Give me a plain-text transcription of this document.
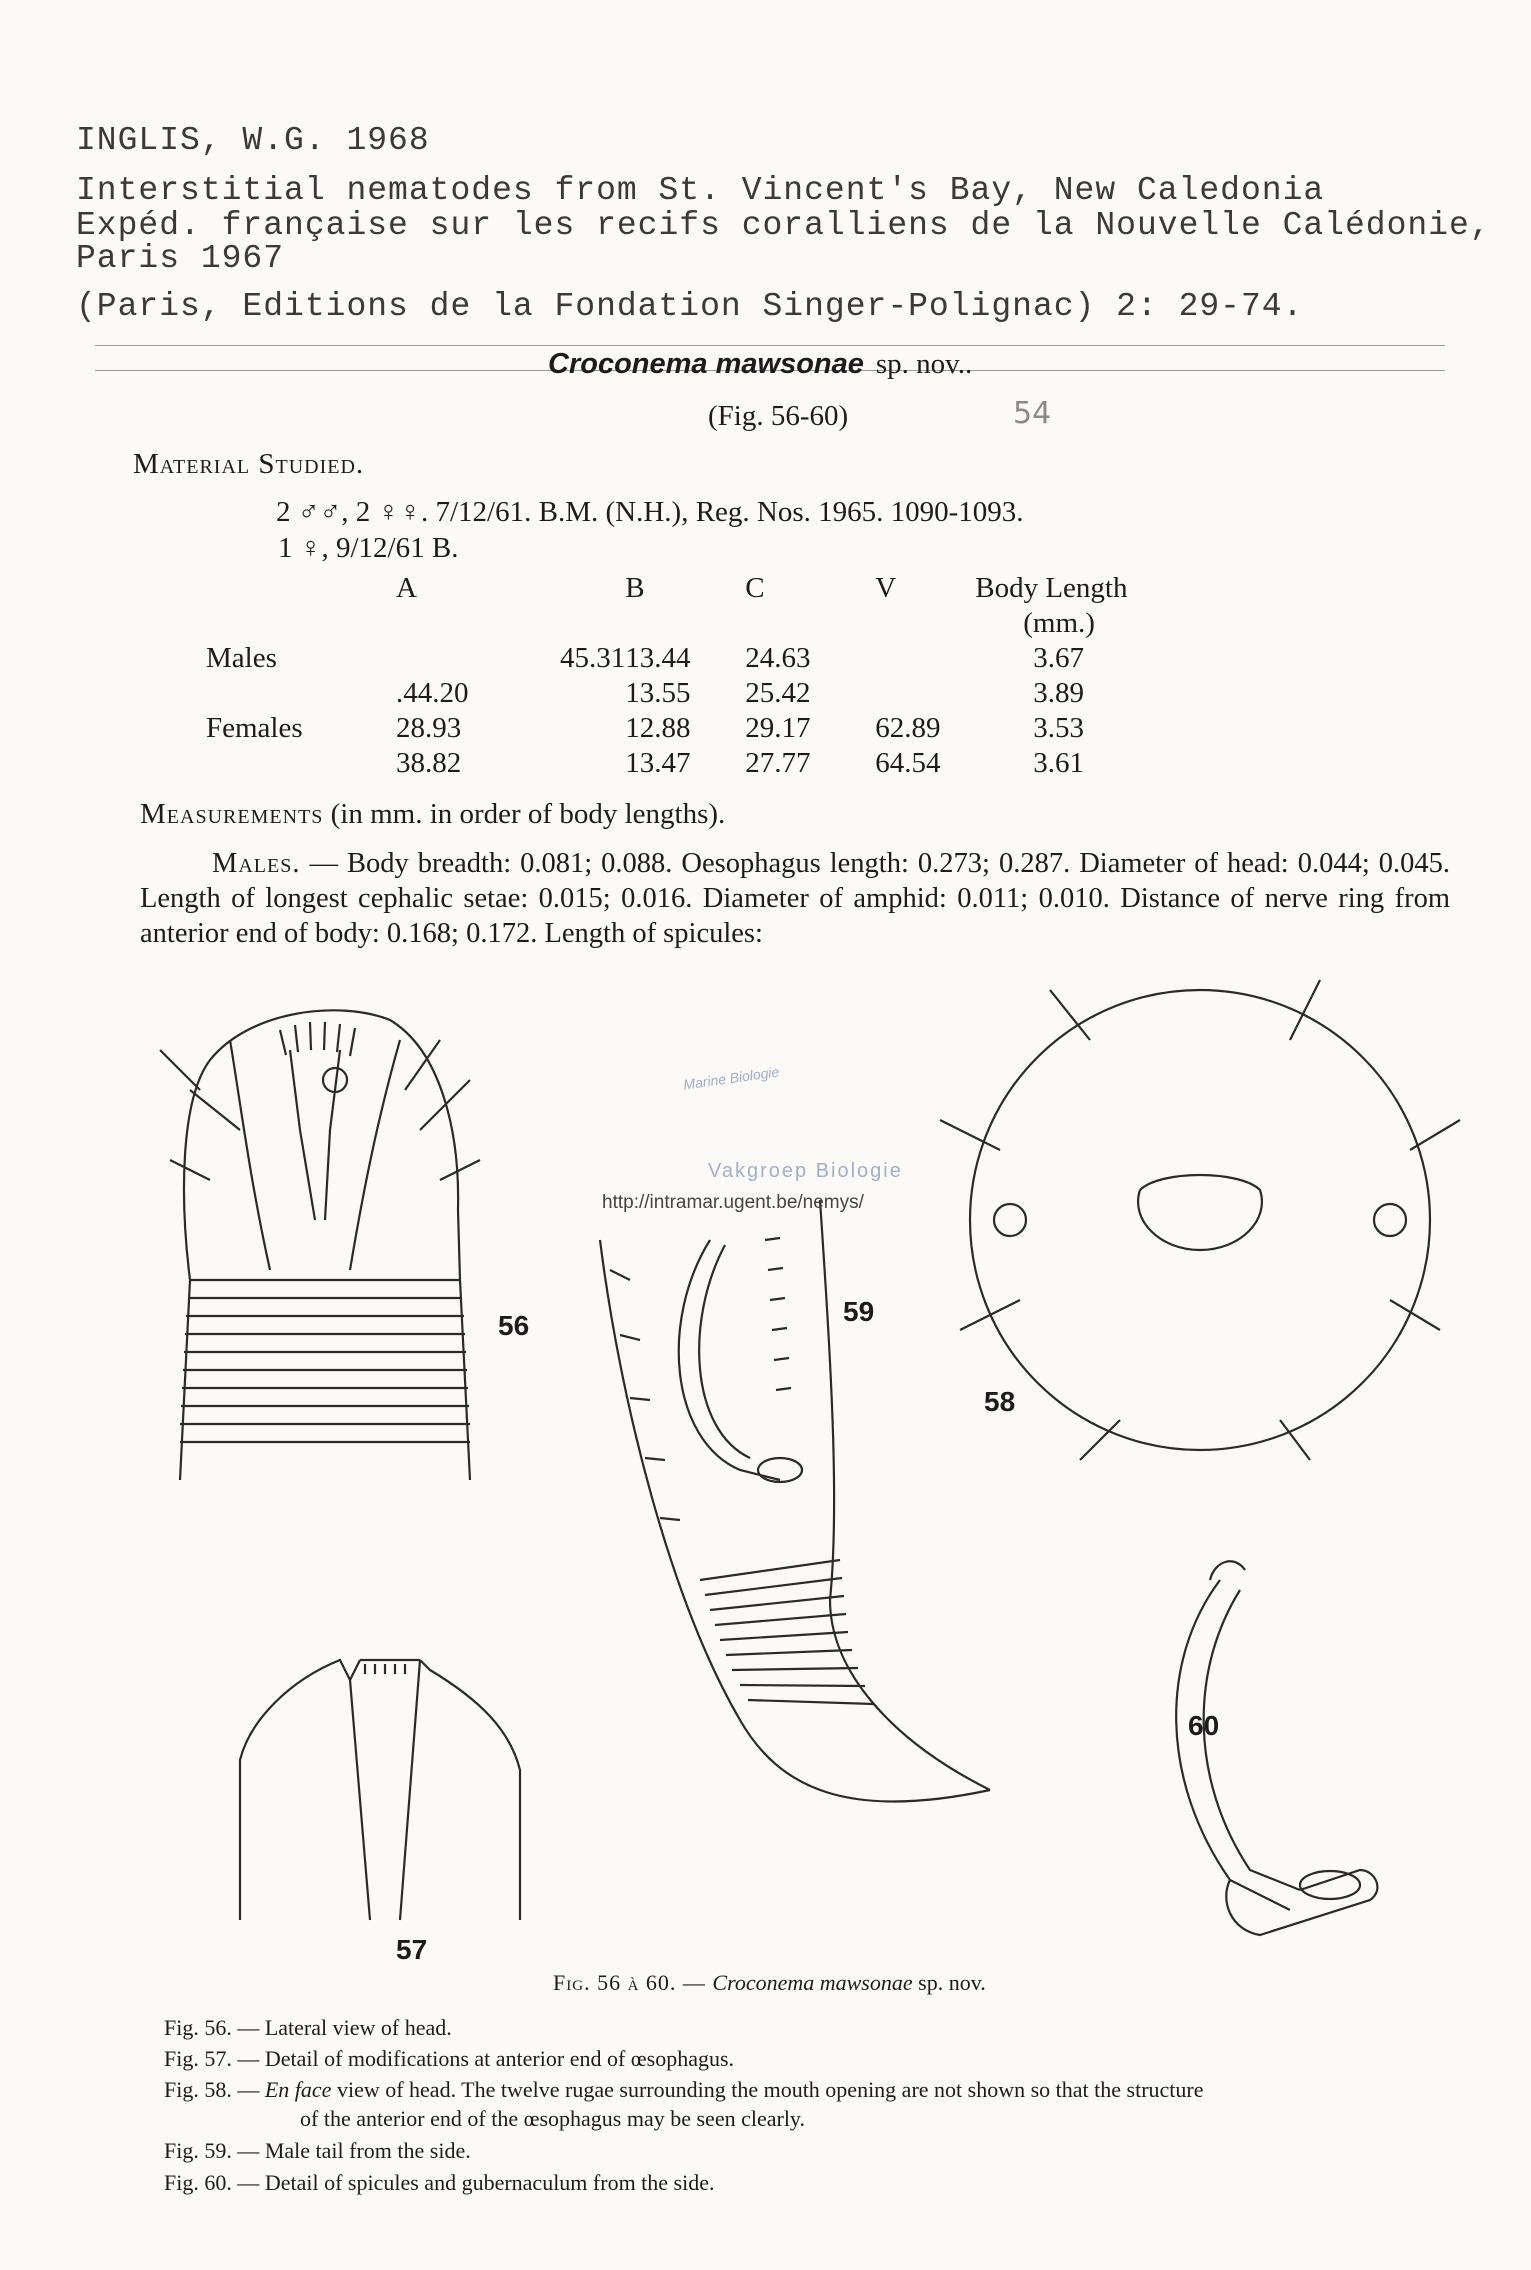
INGLIS, W.G. 1968
Interstitial nematodes from St. Vincent's Bay, New Caledonia
Expéd. française sur les recifs coralliens de la Nouvelle Calédonie,
Paris 1967
(Paris, Editions de la Fondation Singer-Polignac) 2: 29-74.
Croconema mawsonae sp. nov..
(Fig. 56-60)	54
Material Studied.
2 ♂♂, 2 ♀♀. 7/12/61. B.M. (N.H.), Reg. Nos. 1965. 1090-1093.
1 ♀, 9/12/61 B.
	A	B	C	V	Body Length
					(mm.)
Males	45.31	13.44	24.63		3.67
	.44.20	13.55	25.42		3.89
Females	28.93	12.88	29.17	62.89	3.53
	38.82	13.47	27.77	64.54	3.61
Measurements (in mm. in order of body lengths).
Males. — Body breadth: 0.081; 0.088. Oesophagus length: 0.273; 0.287. Diameter of head: 0.044; 0.045. Length of longest cephalic setae: 0.015; 0.016. Diameter of amphid: 0.011; 0.010. Distance of nerve ring from anterior end of body: 0.168; 0.172. Length of spicules:
56
57
59
58
60
Marine Biologie
Vakgroep Biologie
http://intramar.ugent.be/nemys/
Fig. 56 à 60. — Croconema mawsonae sp. nov.
Fig. 56. — Lateral view of head.
Fig. 57. — Detail of modifications at anterior end of œsophagus.
Fig. 58. — En face view of head. The twelve rugae surrounding the mouth opening are not shown so that the structure
of the anterior end of the œsophagus may be seen clearly.
Fig. 59. — Male tail from the side.
Fig. 60. — Detail of spicules and gubernaculum from the side.
